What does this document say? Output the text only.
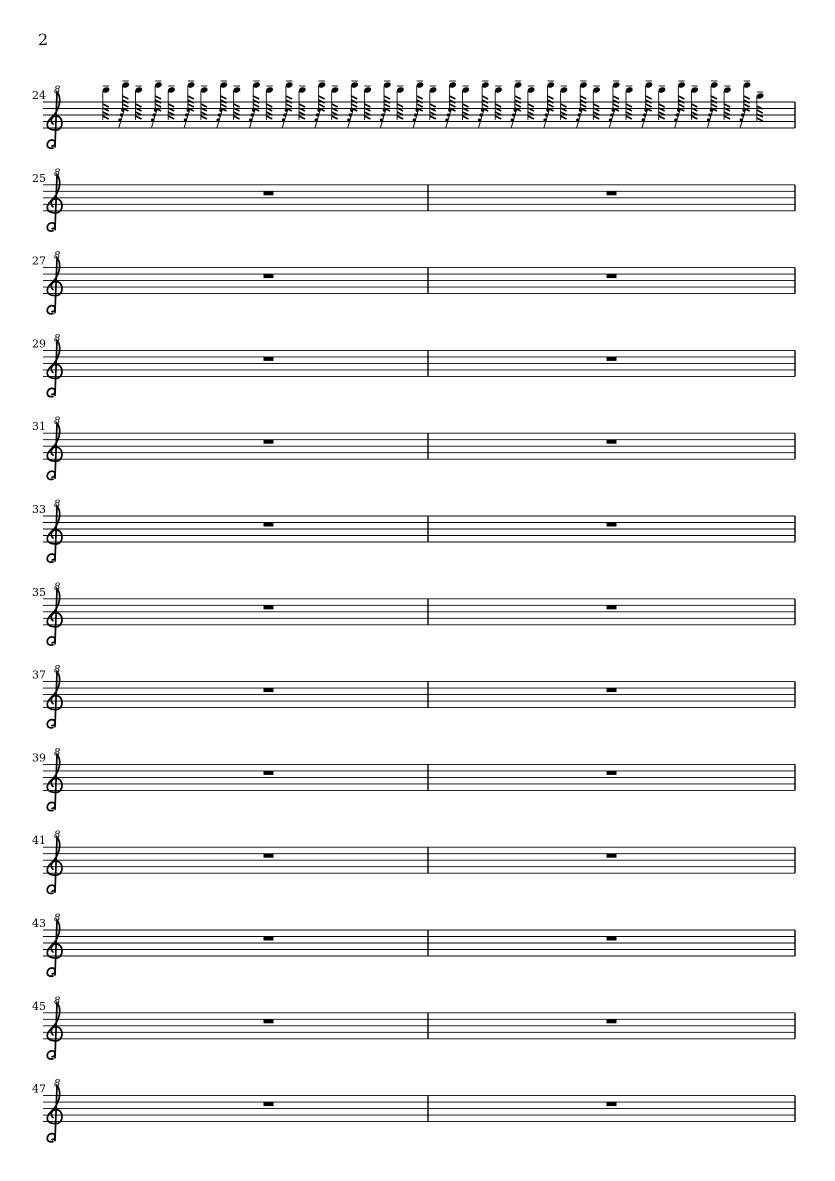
2
8
24
8
25
8
27
8
29
8
31
8
33
8
35
8
37
8
39
8
41
8
43
8
45
8
47
